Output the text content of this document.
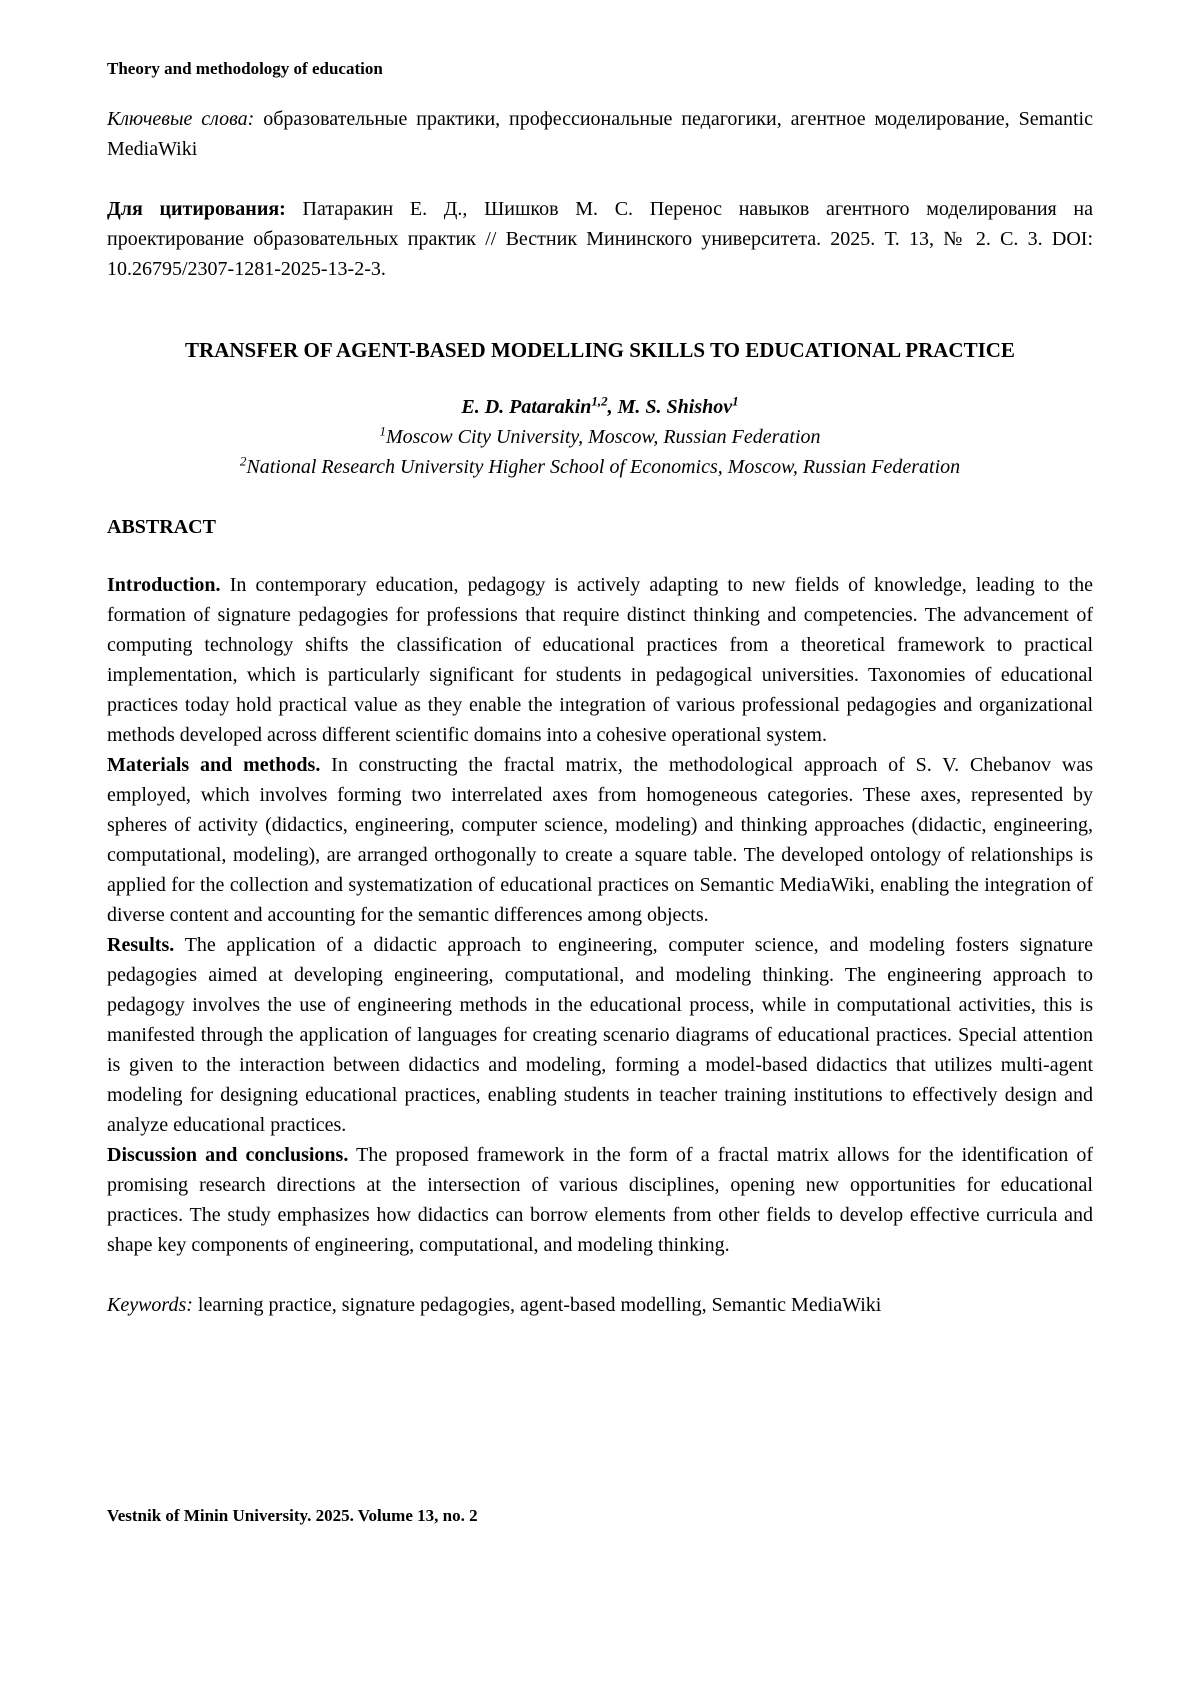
Theory and methodology of education

Ключевые слова: образовательные практики, профессиональные педагогики, агентное моделирование, Semantic MediaWiki

Для цитирования: Патаракин Е. Д., Шишков М. С. Перенос навыков агентного моделирования на проектирование образовательных практик // Вестник Мининского университета. 2025. Т. 13, № 2. С. 3. DOI: 10.26795/2307-1281-2025-13-2-3.

TRANSFER OF AGENT-BASED MODELLING SKILLS TO EDUCATIONAL PRACTICE

E. D. Patarakin$^{1,2}$, M. S. Shishov$^1$

$^1$Moscow City University, Moscow, Russian Federation

$^2$National Research University Higher School of Economics, Moscow, Russian Federation

ABSTRACT

Introduction. In contemporary education, pedagogy is actively adapting to new fields of knowledge, leading to the formation of signature pedagogies for professions that require distinct thinking and competencies. The advancement of computing technology shifts the classification of educational practices from a theoretical framework to practical implementation, which is particularly significant for students in pedagogical universities. Taxonomies of educational practices today hold practical value as they enable the integration of various professional pedagogies and organizational methods developed across different scientific domains into a cohesive operational system.

Materials and methods. In constructing the fractal matrix, the methodological approach of S. V. Chebanov was employed, which involves forming two interrelated axes from homogeneous categories. These axes, represented by spheres of activity (didactics, engineering, computer science, modeling) and thinking approaches (didactic, engineering, computational, modeling), are arranged orthogonally to create a square table. The developed ontology of relationships is applied for the collection and systematization of educational practices on Semantic MediaWiki, enabling the integration of diverse content and accounting for the semantic differences among objects.

Results. The application of a didactic approach to engineering, computer science, and modeling fosters signature pedagogies aimed at developing engineering, computational, and modeling thinking. The engineering approach to pedagogy involves the use of engineering methods in the educational process, while in computational activities, this is manifested through the application of languages for creating scenario diagrams of educational practices. Special attention is given to the interaction between didactics and modeling, forming a model-based didactics that utilizes multi-agent modeling for designing educational practices, enabling students in teacher training institutions to effectively design and analyze educational practices.

Discussion and conclusions. The proposed framework in the form of a fractal matrix allows for the identification of promising research directions at the intersection of various disciplines, opening new opportunities for educational practices. The study emphasizes how didactics can borrow elements from other fields to develop effective curricula and shape key components of engineering, computational, and modeling thinking.

Keywords: learning practice, signature pedagogies, agent-based modelling, Semantic MediaWiki

Vestnik of Minin University. 2025. Volume 13, no. 2
